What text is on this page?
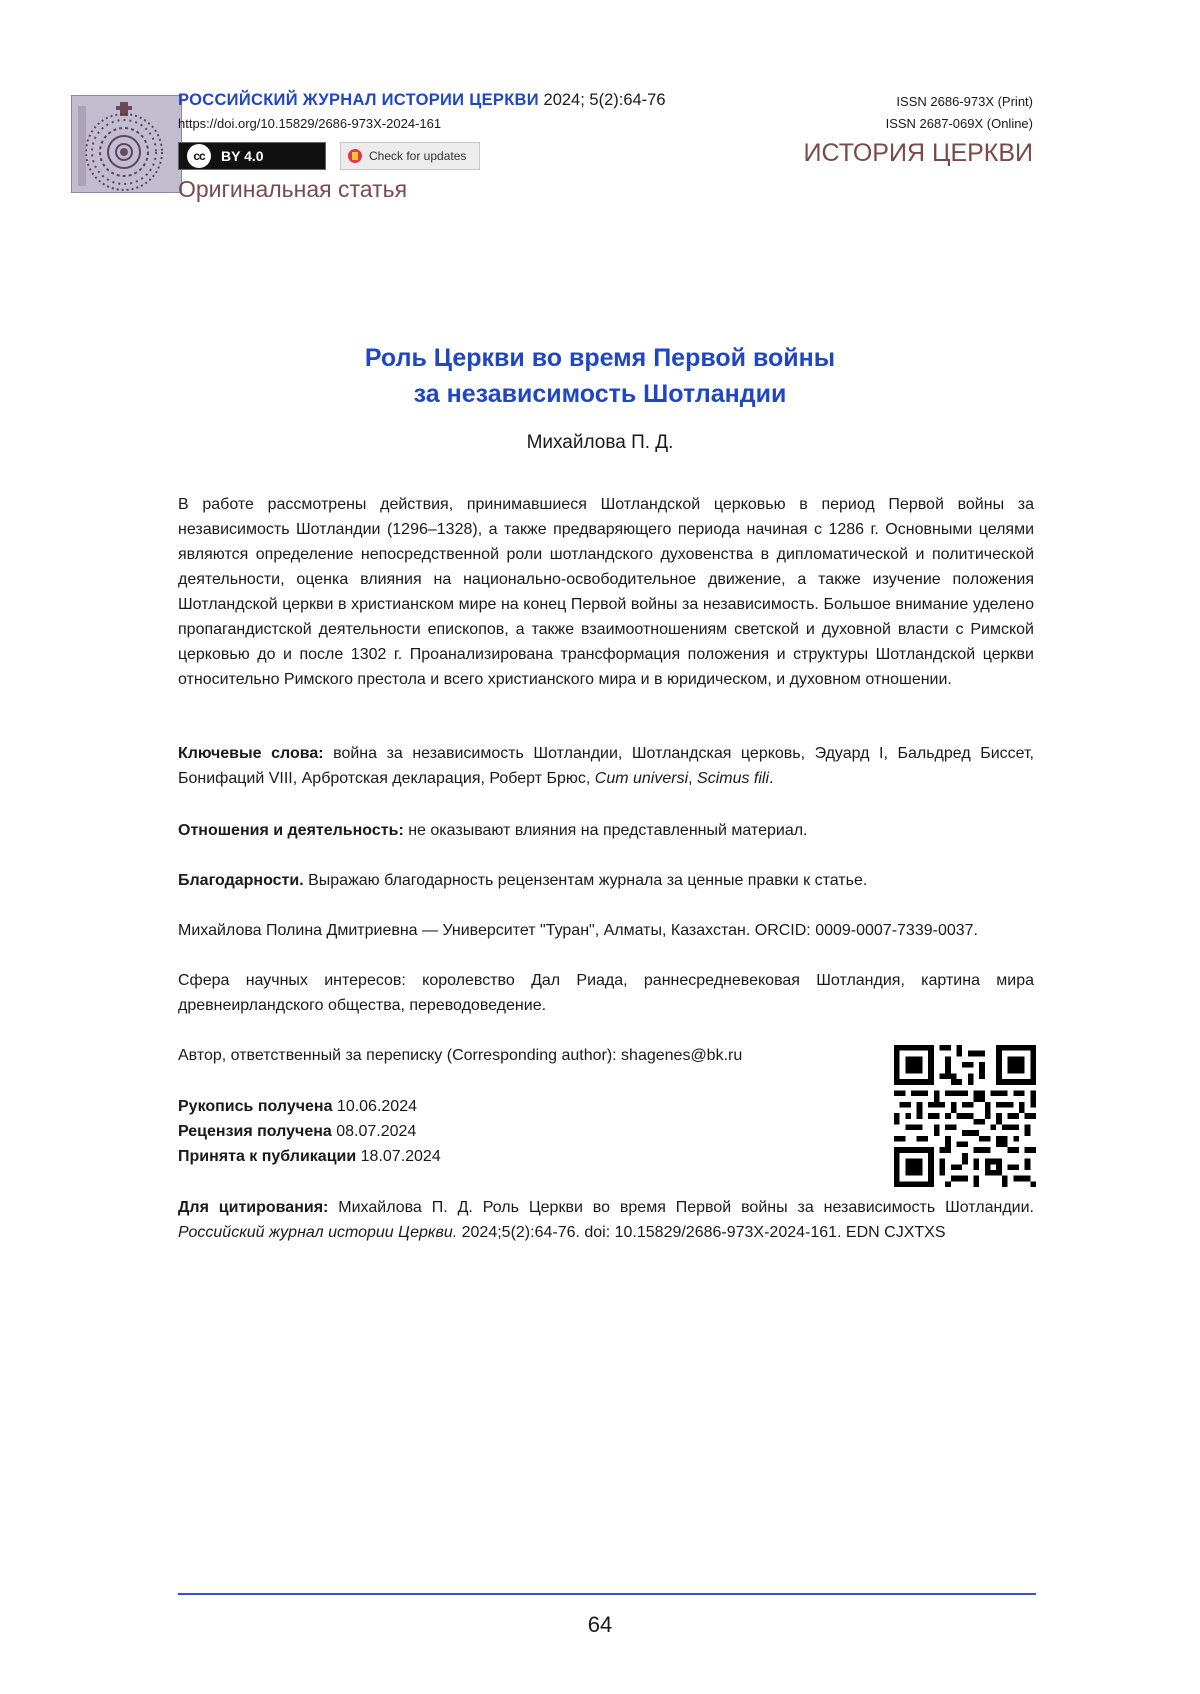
РОССИЙСКИЙ ЖУРНАЛ ИСТОРИИ ЦЕРКВИ 2024; 5(2):64-76
https://doi.org/10.15829/2686-973X-2024-161
cc	BY 4.0	Check for updates
Оригинальная статья
ISSN 2686-973X (Print)
ISSN 2687-069X (Online)
ИСТОРИЯ ЦЕРКВИ
Роль Церкви во время Первой войны
за независимость Шотландии
Михайлова П. Д.
В работе рассмотрены действия, принимавшиеся Шотландской церковью в период Первой войны за независимость Шотландии (1296–1328), а также предваряющего периода начиная с 1286 г. Основными целями являются определение непосредственной роли шотландского духовенства в дипломатической и политической деятельности, оценка влияния на национально-освободительное движение, а также изучение положения Шотландской церкви в христианском мире на конец Первой войны за независимость. Большое внимание уделено пропагандистской деятельности епископов, а также взаимоотношениям светской и духовной власти с Римской церковью до и после 1302 г. Проанализирована трансформация положения и структуры Шотландской церкви относительно Римского престола и всего христианского мира и в юридическом, и духовном отношении.
Ключевые слова: война за независимость Шотландии, Шотландская церковь, Эдуард I, Бальдред Биссет, Бонифаций VIII, Арбротская декларация, Роберт Брюс, Cum universi, Scimus fili.
Отношения и деятельность: не оказывают влияния на представленный материал.
Благодарности. Выражаю благодарность рецензентам журнала за ценные правки к статье.
Михайлова Полина Дмитриевна — Университет "Туран", Алматы, Казахстан. ORCID: 0009-0007-7339-0037.
Сфера научных интересов: королевство Дал Риада, раннесредневековая Шотландия, картина мира древнеирландского общества, переводоведение.
Автор, ответственный за переписку (Corresponding author): shagenes@bk.ru
Рукопись получена 10.06.2024
Рецензия получена 08.07.2024
Принята к публикации 18.07.2024
Для цитирования: Михайлова П. Д. Роль Церкви во время Первой войны за независимость Шотландии. Российский журнал истории Церкви. 2024;5(2):64-76. doi: 10.15829/2686-973X-2024-161. EDN CJXTXS
64
